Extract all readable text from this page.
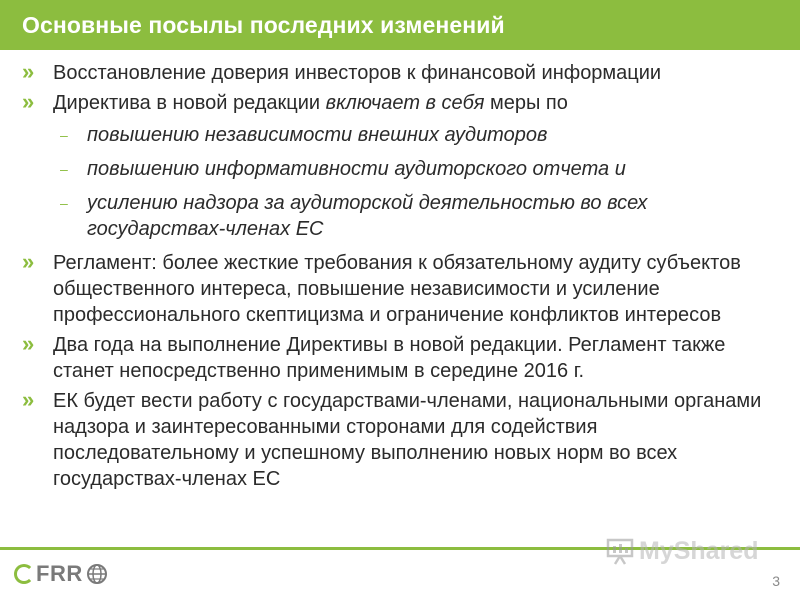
Основные посылы последних изменений
» Восстановление доверия инвесторов к финансовой информации
» Директива в новой редакции включает в себя меры по
– повышению независимости внешних аудиторов
– повышению информативности аудиторского отчета и
– усилению надзора за аудиторской деятельностью во всех государствах-членах ЕС
» Регламент: более жесткие требования к обязательному аудиту субъектов общественного интереса, повышение независимости и усиление профессионального скептицизма и ограничение конфликтов интересов
» Два года на выполнение Директивы в новой редакции. Регламент также станет непосредственно применимым в середине 2016 г.
» ЕК будет вести работу с государствами-членами, национальными органами надзора и заинтересованными сторонами для содействия последовательному и успешному выполнению новых норм во всех государствах-членах ЕС
FRR
MyShared
3
